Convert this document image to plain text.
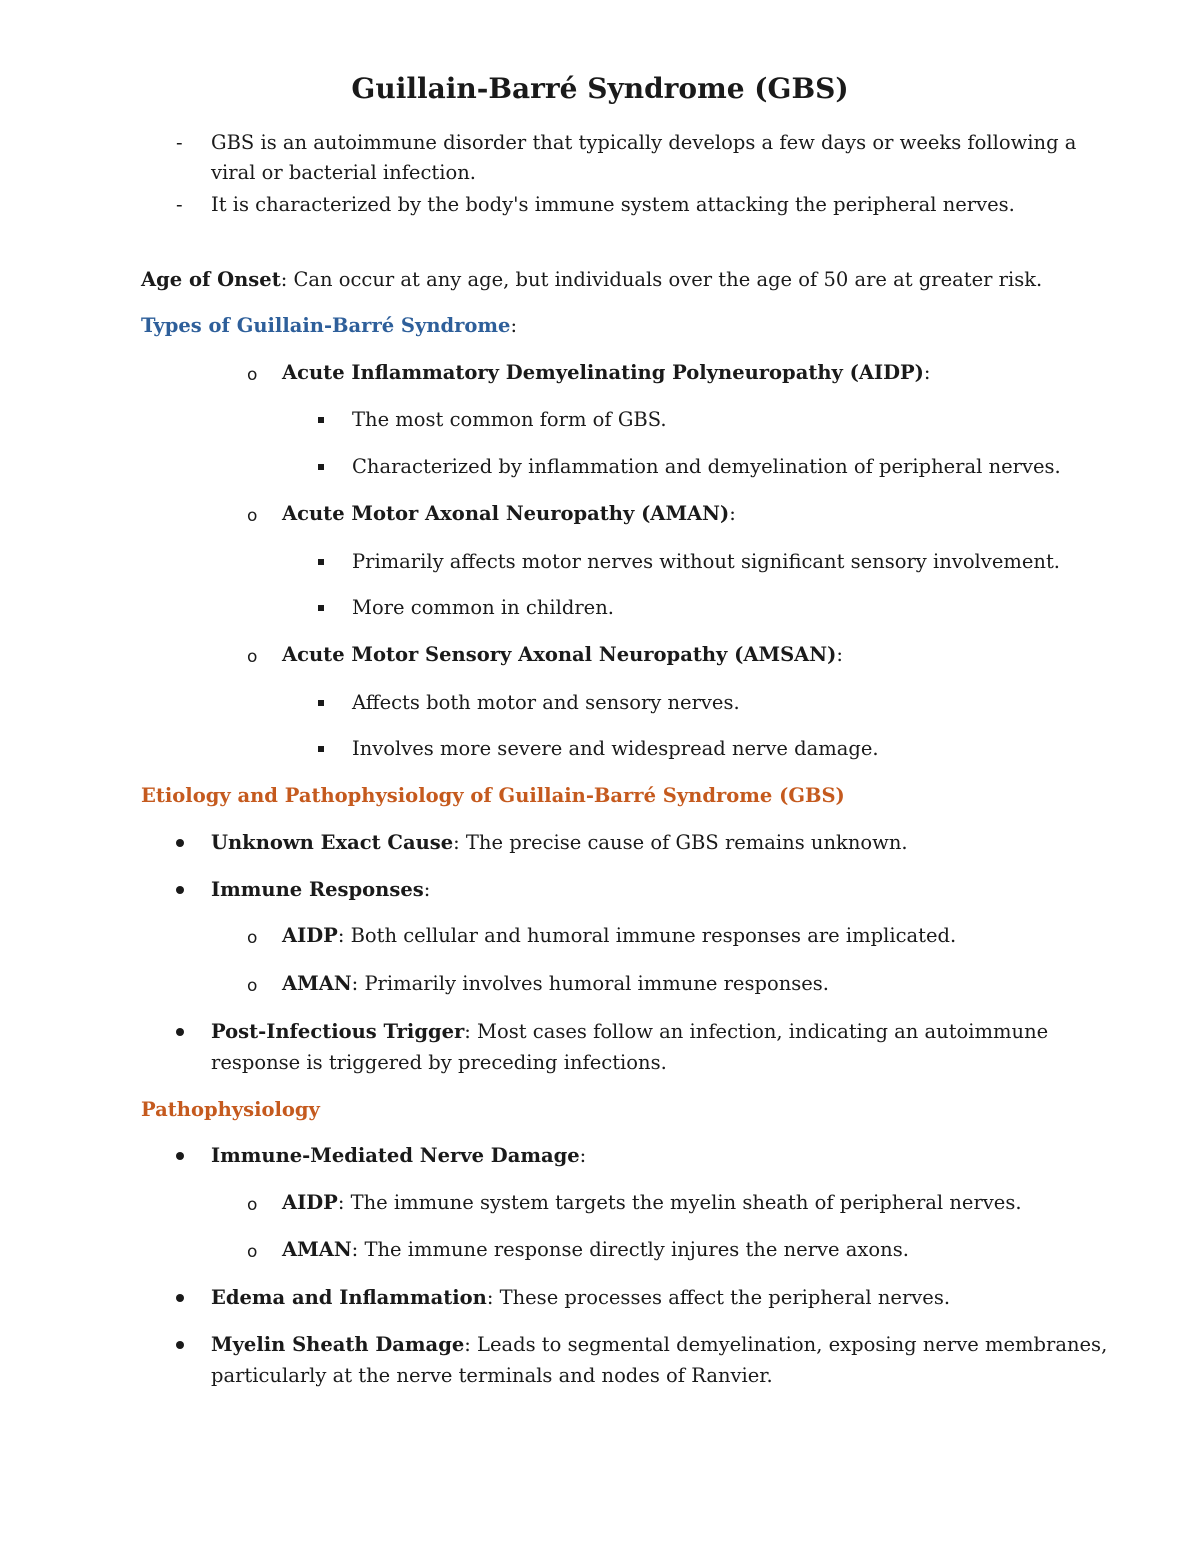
Guillain-Barré Syndrome (GBS)
- GBS is an autoimmune disorder that typically develops a few days or weeks following a
viral or bacterial infection.
- It is characterized by the body's immune system attacking the peripheral nerves.
Age of Onset: Can occur at any age, but individuals over the age of 50 are at greater risk.
Types of Guillain-Barré Syndrome:
o Acute Inflammatory Demyelinating Polyneuropathy (AIDP):
The most common form of GBS.
Characterized by inflammation and demyelination of peripheral nerves.
o Acute Motor Axonal Neuropathy (AMAN):
Primarily affects motor nerves without significant sensory involvement.
More common in children.
o Acute Motor Sensory Axonal Neuropathy (AMSAN):
Affects both motor and sensory nerves.
Involves more severe and widespread nerve damage.
Etiology and Pathophysiology of Guillain-Barré Syndrome (GBS)
Unknown Exact Cause: The precise cause of GBS remains unknown.
Immune Responses:
o AIDP: Both cellular and humoral immune responses are implicated.
o AMAN: Primarily involves humoral immune responses.
Post-Infectious Trigger: Most cases follow an infection, indicating an autoimmune
response is triggered by preceding infections.
Pathophysiology
Immune-Mediated Nerve Damage:
o AIDP: The immune system targets the myelin sheath of peripheral nerves.
o AMAN: The immune response directly injures the nerve axons.
Edema and Inflammation: These processes affect the peripheral nerves.
Myelin Sheath Damage: Leads to segmental demyelination, exposing nerve membranes,
particularly at the nerve terminals and nodes of Ranvier.
